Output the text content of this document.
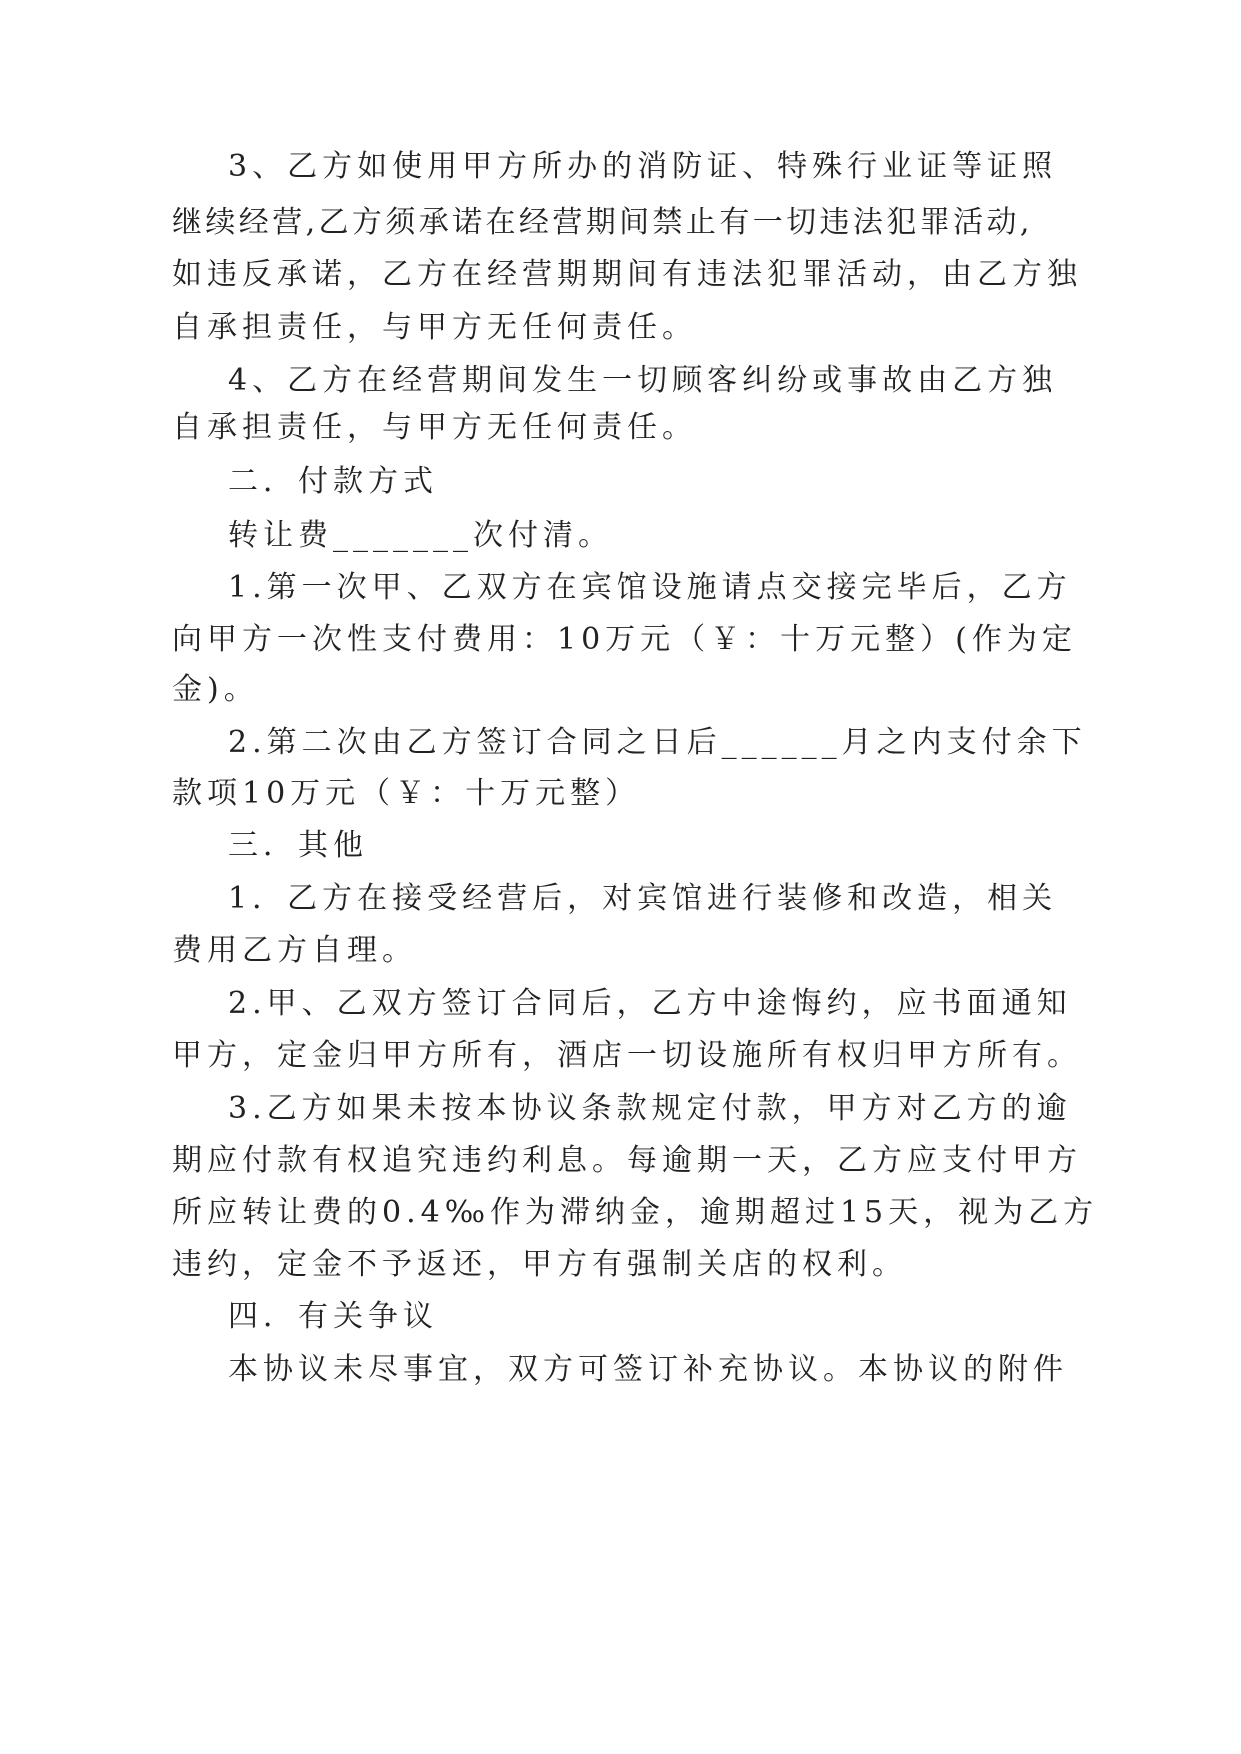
3、乙方如使用甲方所办的消防证、特殊行业证等证照
继续经营,乙方须承诺在经营期间禁止有一切违法犯罪活动,
如违反承诺，乙方在经营期期间有违法犯罪活动，由乙方独
自承担责任，与甲方无任何责任。
4、乙方在经营期间发生一切顾客纠纷或事故由乙方独
自承担责任，与甲方无任何责任。
二．付款方式
转让费_______次付清。
1.第一次甲、乙双方在宾馆设施请点交接完毕后，乙方
向甲方一次性支付费用：10万元（￥：十万元整）(作为定
金)。
2.第二次由乙方签订合同之日后______月之内支付余下
款项10万元（￥：十万元整）
三．其他
1．乙方在接受经营后，对宾馆进行装修和改造，相关
费用乙方自理。
2.甲、乙双方签订合同后，乙方中途悔约，应书面通知
甲方，定金归甲方所有，酒店一切设施所有权归甲方所有。
3.乙方如果未按本协议条款规定付款，甲方对乙方的逾
期应付款有权追究违约利息。每逾期一天，乙方应支付甲方
所应转让费的0.4‰作为滞纳金，逾期超过15天，视为乙方
违约，定金不予返还，甲方有强制关店的权利。
四．有关争议
本协议未尽事宜，双方可签订补充协议。本协议的附件
